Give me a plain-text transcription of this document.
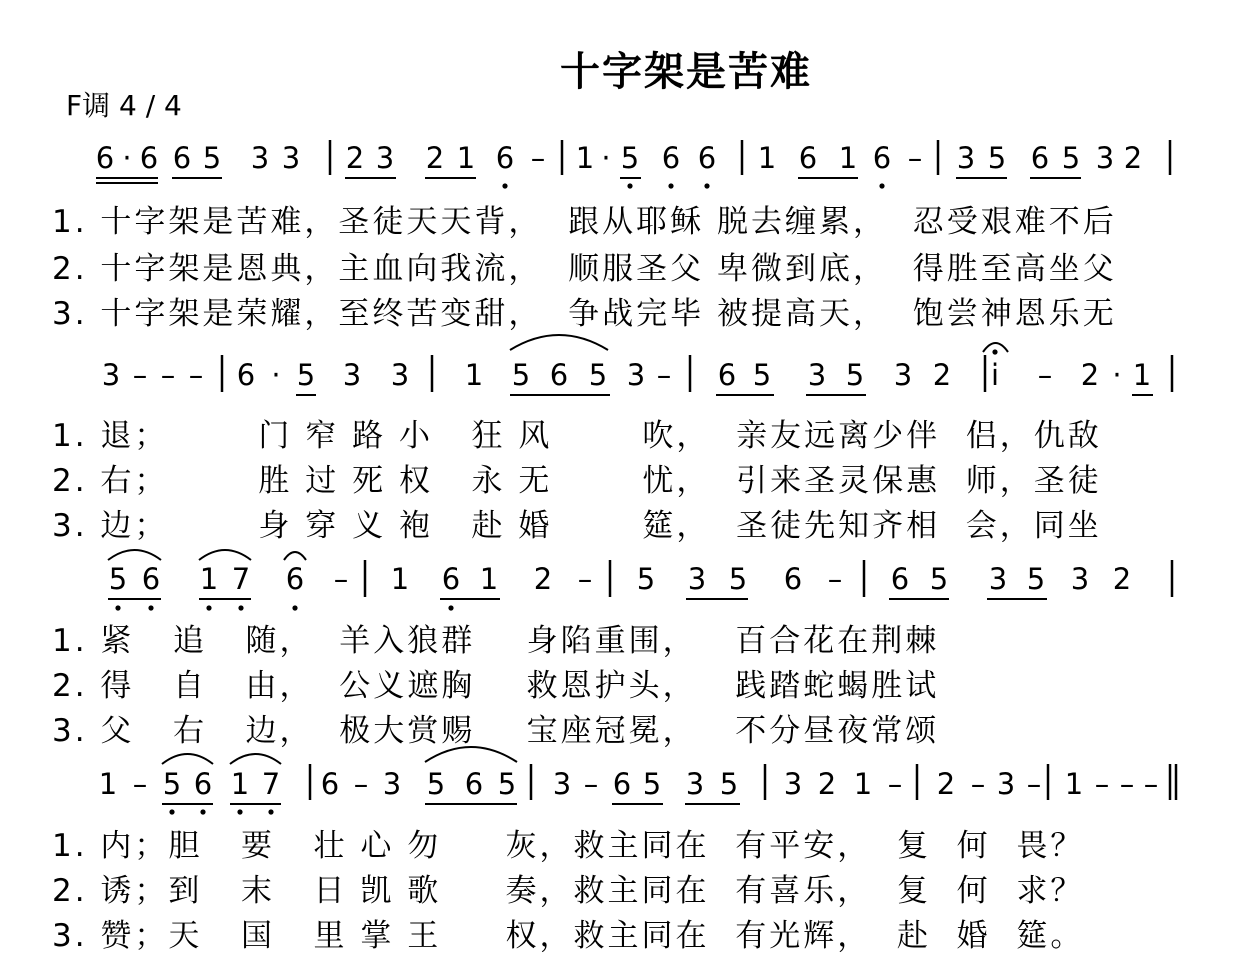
十字架是苦难
F调 4 / 4
6 · 6 6 5 3 3 2 3 2 1 6 – 1 · 5 6 6 1 6 1 6 – 3 5 6 5 3 2
3 – – – 6 · 5 3 3 1 5 6 5 3 – 6 5 3 5 3 2 i – 2 · 1
5 6 1 7 6 – 1 6 1 2 – 5 3 5 6 – 6 5 3 5 3 2
1 – 5 6 1 7 6 – 3 5 6 5 3 – 6 5 3 5 3 2 1 – 2 – 3 – 1 – – –
1. 十字架是苦难，圣徒天天背，  跟从耶稣 脱去缠累，  忍受艰难不后
2. 十字架是恩典，主血向我流，  顺服圣父 卑微到底，  得胜至高坐父
3. 十字架是荣耀，至终苦变甜，  争战完毕 被提高天，  饱尝神恩乐无
1. 退；       门 窄 路 小   狂 风       吹，  亲友远离少伴  侣，仇敌
2. 右；       胜 过 死 权   永 无       忧，  引来圣灵保惠  师，圣徒
3. 边；       身 穿 义 袍   赴 婚       筵，  圣徒先知齐相  会，同坐
1. 紧   追   随，  羊入狼群    身陷重围，   百合花在荆棘
2. 得   自   由，  公义遮胸    救恩护头，   践踏蛇蝎胜试
3. 父   右   边，  极大赏赐    宝座冠冕，   不分昼夜常颂
1. 内；胆   要   壮 心 勿     灰，救主同在  有平安，  复  何  畏？
2. 诱；到   末   日 凯 歌     奏，救主同在  有喜乐，  复  何  求？
3. 赞；天   国   里 掌 王     权，救主同在  有光辉，  赴  婚  筵。
